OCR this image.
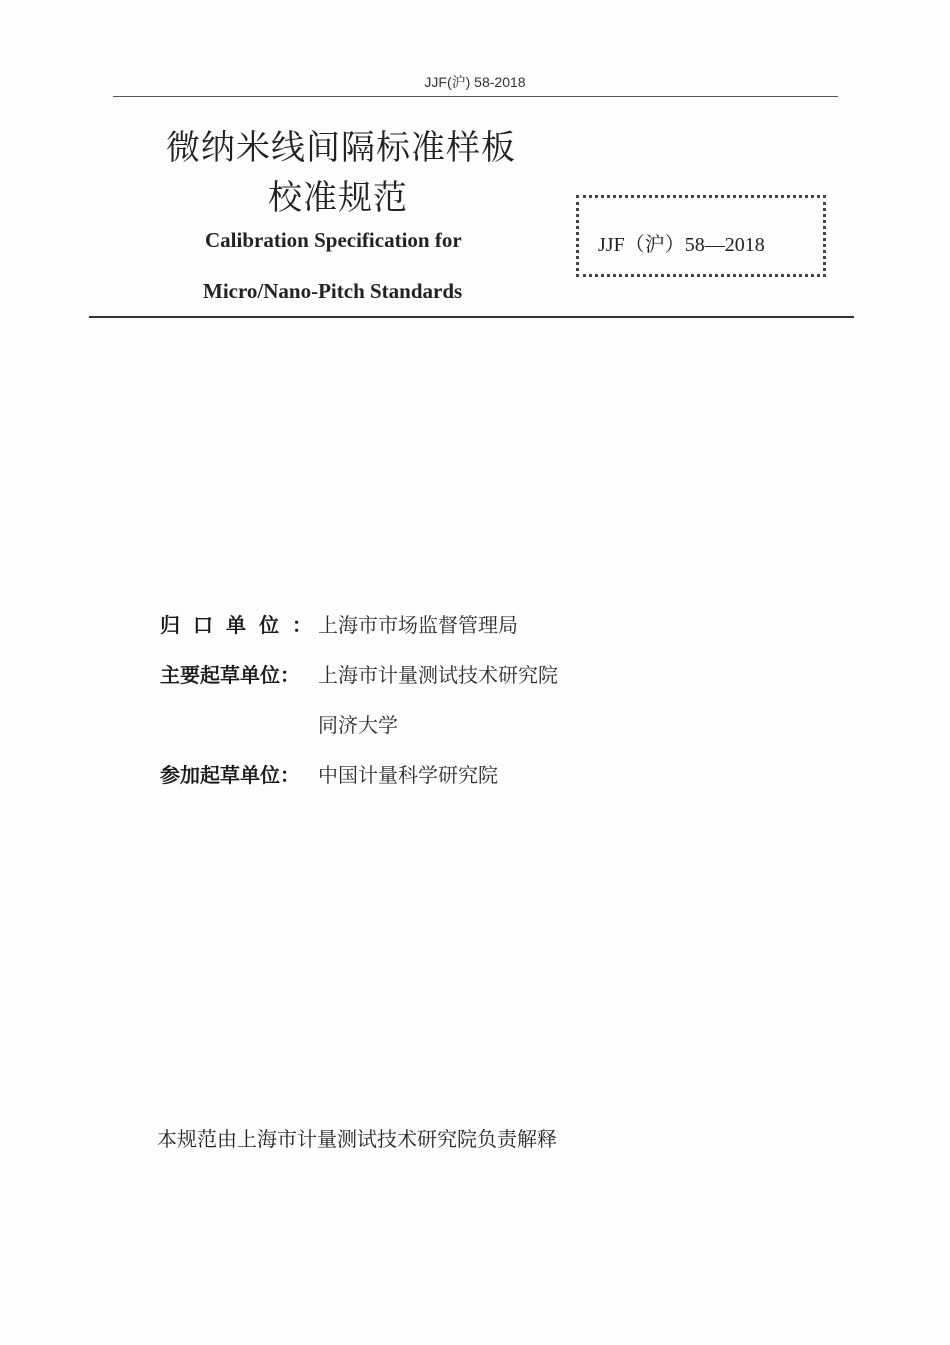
JJF(沪) 58-2018
微纳米线间隔标准样板
校准规范
Calibration Specification for
Micro/Nano-Pitch Standards
JJF（沪）58—2018
归口单位：上海市市场监督管理局
主要起草单位： 上海市计量测试技术研究院
同济大学
参加起草单位： 中国计量科学研究院
本规范由上海市计量测试技术研究院负责解释
